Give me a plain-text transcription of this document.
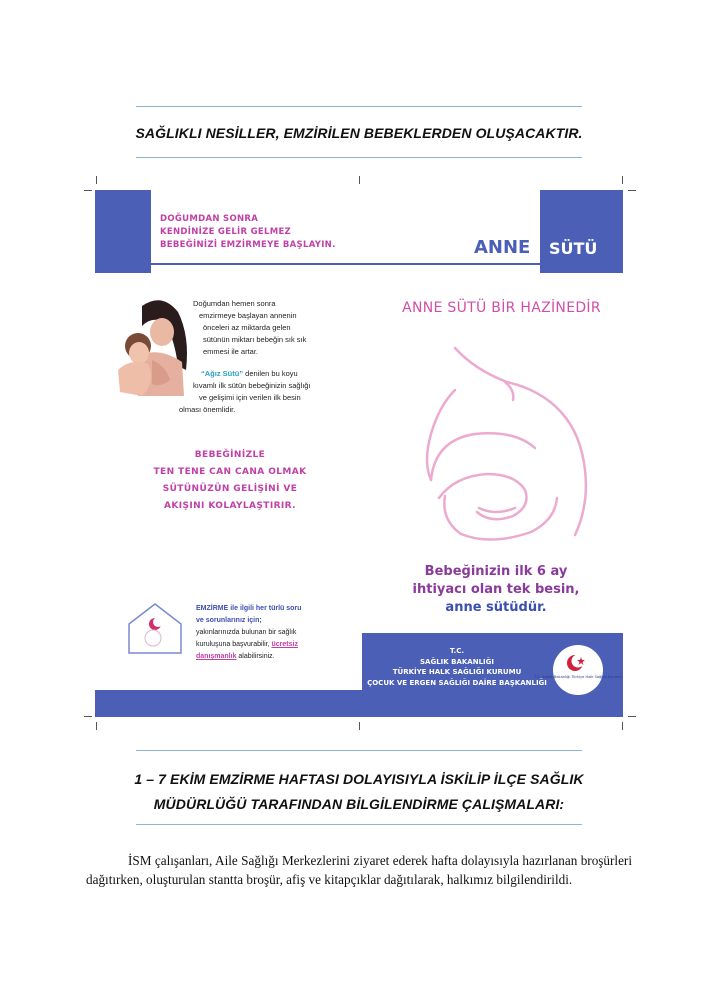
SAĞLIKLI NESİLLER, EMZİRİLEN BEBEKLERDEN OLUŞACAKTIR.
DOĞUMDAN SONRA
KENDİNİZE GELİR GELMEZ
BEBEĞİNİZİ EMZİRMEYE BAŞLAYIN.	ANNE SÜTÜ
Doğumdan hemen sonra
emzirmeye başlayan annenin
önceleri az miktarda gelen
sütünün miktarı bebeğin sık sık
emmesi ile artar.
“Ağız Sütü” denilen bu koyu
kıvamlı ilk sütün bebeğinizin sağlığı
ve gelişimi için verilen ilk besin
olması önemlidir.
BEBEĞİNİZLE
TEN TENE CAN CANA OLMAK
SÜTÜNÜZÜN GELİŞİNİ VE
AKIŞINI KOLAYLAŞTIRIR.
EMZİRME ile ilgili her türlü soru
ve sorunlarınız için;
yakınlarınızda bulunan bir sağlık
kuruluşuna başvurabilir, ücretsiz
danışmanlık alabilirsiniz.
ANNE SÜTÜ BİR HAZİNEDİR
Bebeğinizin ilk 6 ay
ihtiyacı olan tek besin,
anne sütüdür.
T.C.
SAĞLIK BAKANLIĞI
TÜRKİYE HALK SAĞLIĞI KURUMU
ÇOCUK VE ERGEN SAĞLIĞI DAİRE BAŞKANLIĞI
T.C. Sağlık Bakanlığı Türkiye Halk Sağlığı Kurumu
1 – 7 EKİM EMZİRME HAFTASI DOLAYISIYLA İSKİLİP İLÇE SAĞLIK
MÜDÜRLÜĞÜ TARAFINDAN BİLGİLENDİRME ÇALIŞMALARI:

İSM çalışanları, Aile Sağlığı Merkezlerini ziyaret ederek hafta dolayısıyla hazırlanan broşürleri dağıtırken, oluşturulan stantta broşür, afiş ve kitapçıklar dağıtılarak, halkımız bilgilendirildi.
